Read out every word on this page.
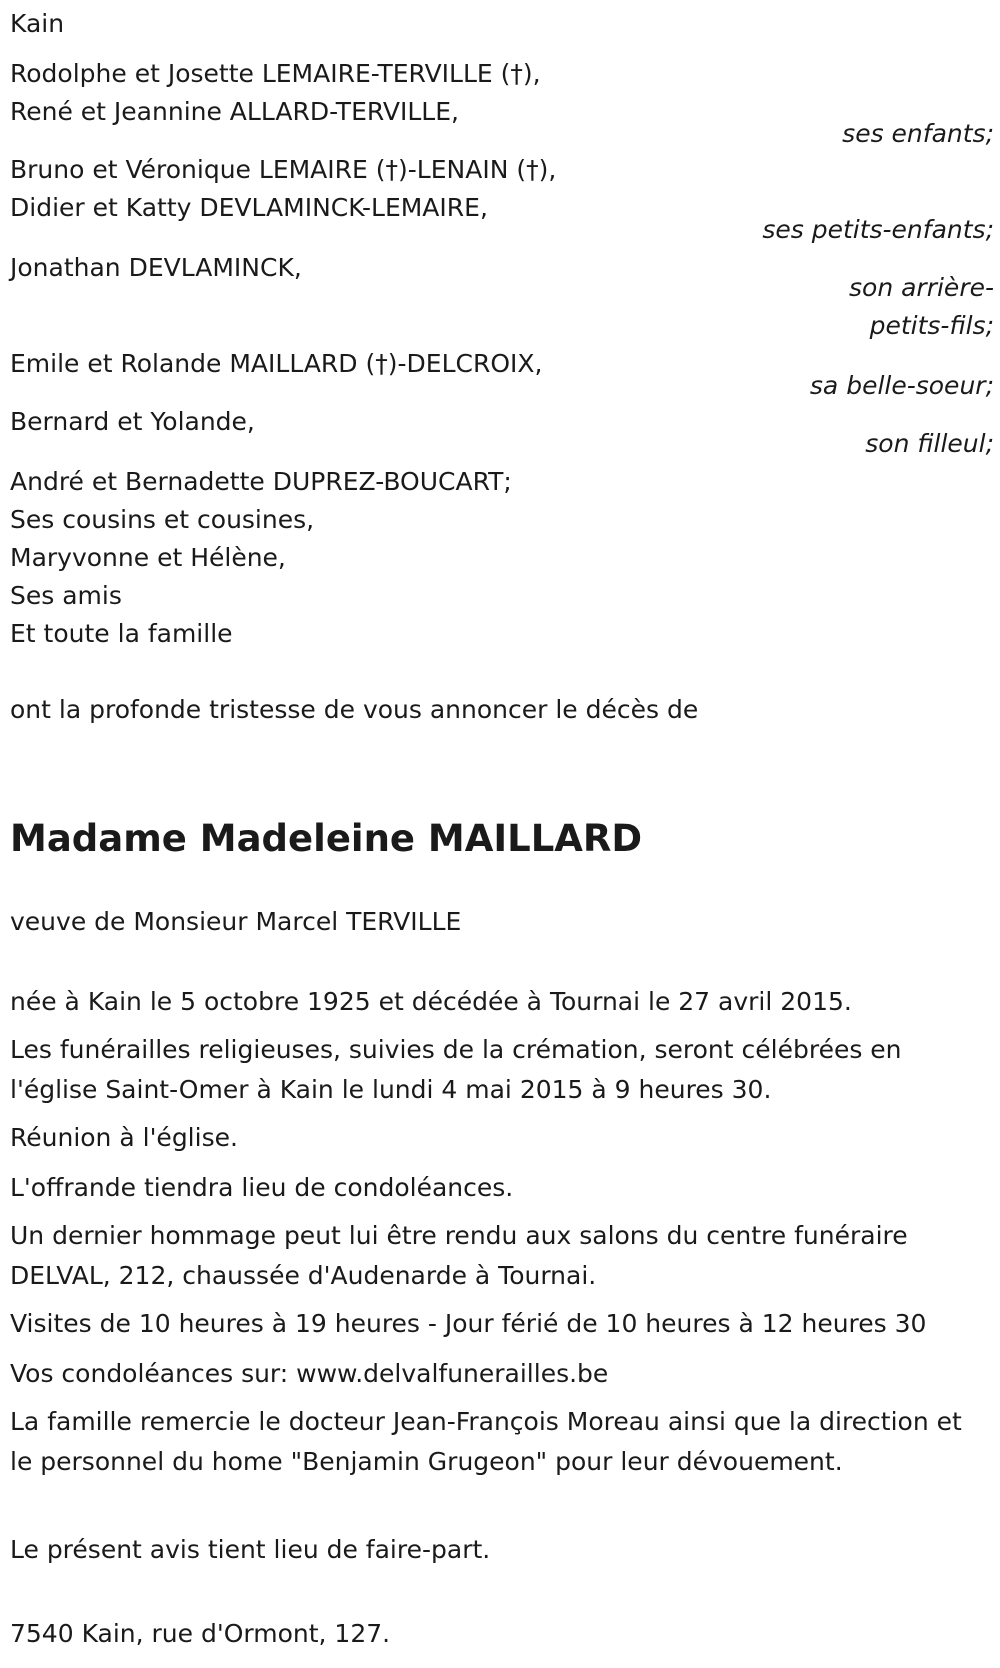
Kain
Rodolphe et Josette LEMAIRE-TERVILLE (†),
René et Jeannine ALLARD-TERVILLE,
ses enfants;
Bruno et Véronique LEMAIRE (†)-LENAIN (†),
Didier et Katty DEVLAMINCK-LEMAIRE,
ses petits-enfants;
Jonathan DEVLAMINCK,
son arrière-
petits-fils;
Emile et Rolande MAILLARD (†)-DELCROIX,
sa belle-soeur;
Bernard et Yolande,
son filleul;
André et Bernadette DUPREZ-BOUCART;
Ses cousins et cousines,
Maryvonne et Hélène,
Ses amis
Et toute la famille
ont la profonde tristesse de vous annoncer le décès de
Madame Madeleine MAILLARD
veuve de Monsieur Marcel TERVILLE
née à Kain le 5 octobre 1925 et décédée à Tournai le 27 avril 2015.
Les funérailles religieuses, suivies de la crémation, seront célébrées en l'église Saint-Omer à Kain le lundi 4 mai 2015 à 9 heures 30.
Réunion à l'église.
L'offrande tiendra lieu de condoléances.
Un dernier hommage peut lui être rendu aux salons du centre funéraire DELVAL, 212, chaussée d'Audenarde à Tournai.
Visites de 10 heures à 19 heures - Jour férié de 10 heures à 12 heures 30
Vos condoléances sur: www.delvalfunerailles.be
La famille remercie le docteur Jean-François Moreau ainsi que la direction et le personnel du home "Benjamin Grugeon" pour leur dévouement.
Le présent avis tient lieu de faire-part.
7540 Kain, rue d'Ormont, 127.
